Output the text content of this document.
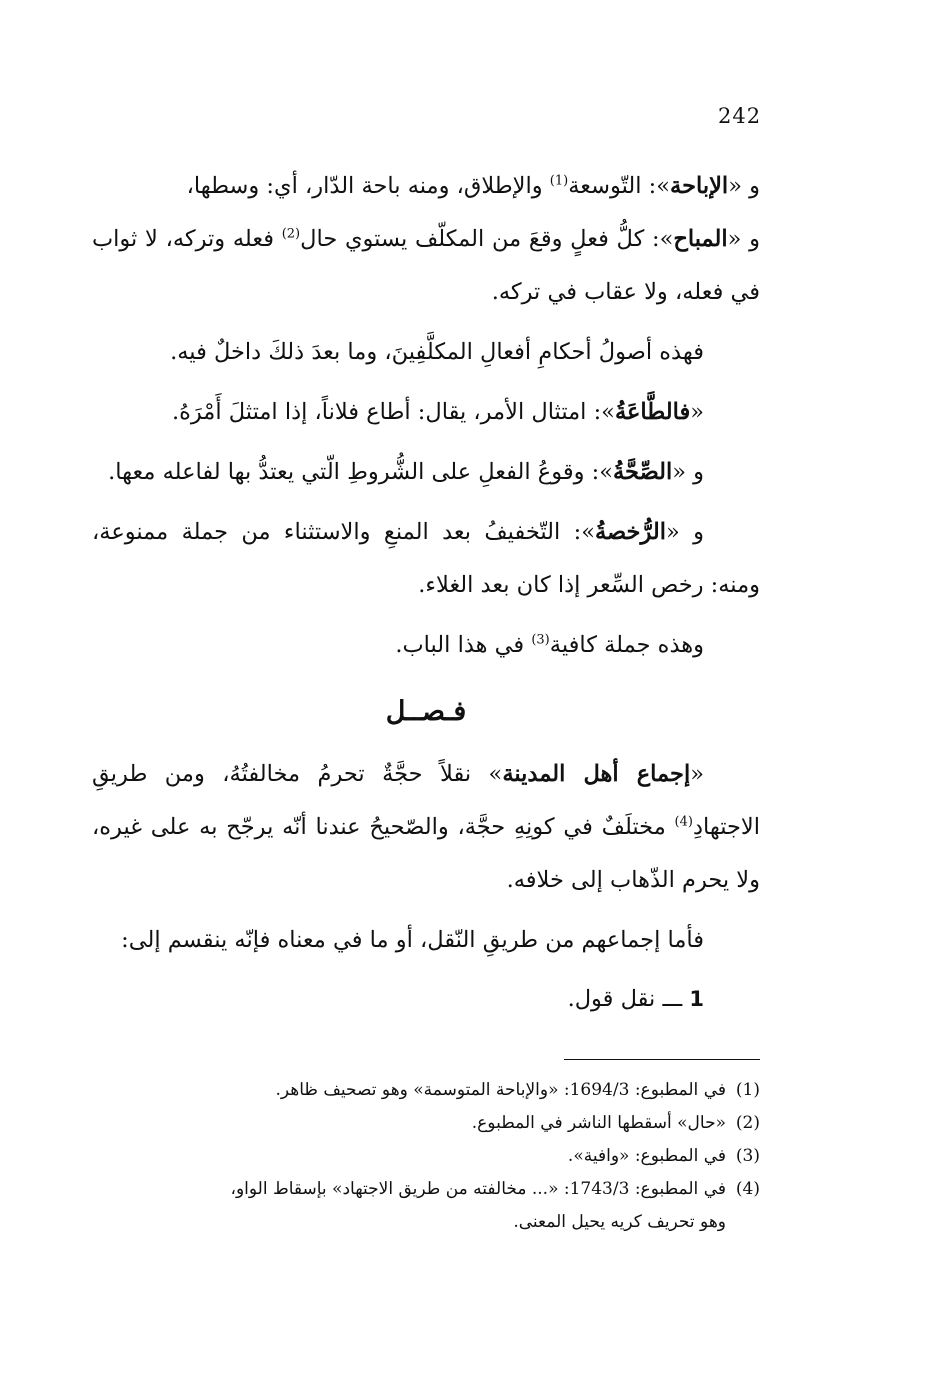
242

و «الإباحة»: التّوسعة$^{(1)}$ والإطلاق، ومنه باحة الدّار، أي: وسطها،

و «المباح»: كلُّ فعلٍ وقعَ من المكلّف يستوي حال$^{(2)}$ فعله وتركه، لا ثواب في فعله، ولا عقاب في تركه.

فهذه أصولُ أحكامِ أفعالِ المكلَّفِينَ، وما بعدَ ذلكَ داخلٌ فيه.

«فالطَّاعَةُ»: امتثال الأمر، يقال: أطاع فلاناً، إذا امتثلَ أَمْرَهُ.

و «الصِّحَّةُ»: وقوعُ الفعلِ على الشُّروطِ الّتي يعتدُّ بها لفاعله معها.

و «الرُّخصةُ»: التّخفيفُ بعد المنعِ والاستثناء من جملة ممنوعة، ومنه: رخص السِّعر إذا كان بعد الغلاء.

وهذه جملة كافية$^{(3)}$ في هذا الباب.

فـصــل

«إجماع أهل المدينة» نقلاً حجَّةٌ تحرمُ مخالفتُهُ، ومن طريقِ الاجتهادِ$^{(4)}$ مختلَفٌ في كونِهِ حجَّة، والصّحيحُ عندنا أنّه يرجّح به على غيره، ولا يحرم الذّهاب إلى خلافه.

فأما إجماعهم من طريقِ النّقل، أو ما في معناه فإنّه ينقسم إلى:

1 ـــ نقل قول.

(1)في المطبوع: 1694/3: «والإباحة المتوسمة» وهو تصحيف ظاهر.

(2)«حال» أسقطها الناشر في المطبوع.

(3)في المطبوع: «وافية».

(4)في المطبوع: 1743/3: «... مخالفته من طريق الاجتهاد» بإسقاط الواو،
وهو تحريف كريه يحيل المعنى.
